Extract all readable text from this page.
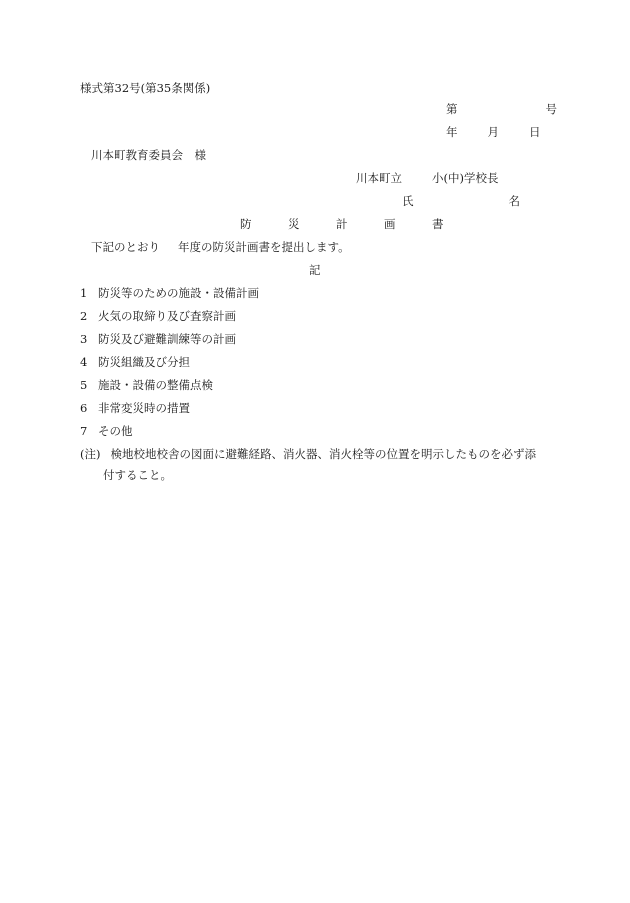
様式第32号(第35条関係)
第	号
年	月	日
川本町教育委員会　様
川本町立	小(中)学校長
氏	名
防	災	計	画	書
下記のとおり 年度の防災計画書を提出します。
記
1 防災等のための施設・設備計画
2 火気の取締り及び査察計画
3 防災及び避難訓練等の計画
4 防災組織及び分担
5 施設・設備の整備点検
6 非常変災時の措置
7 その他
(注) 検地校地校舎の図面に避難経路、消火器、消火栓等の位置を明示したものを必ず添
付すること。
